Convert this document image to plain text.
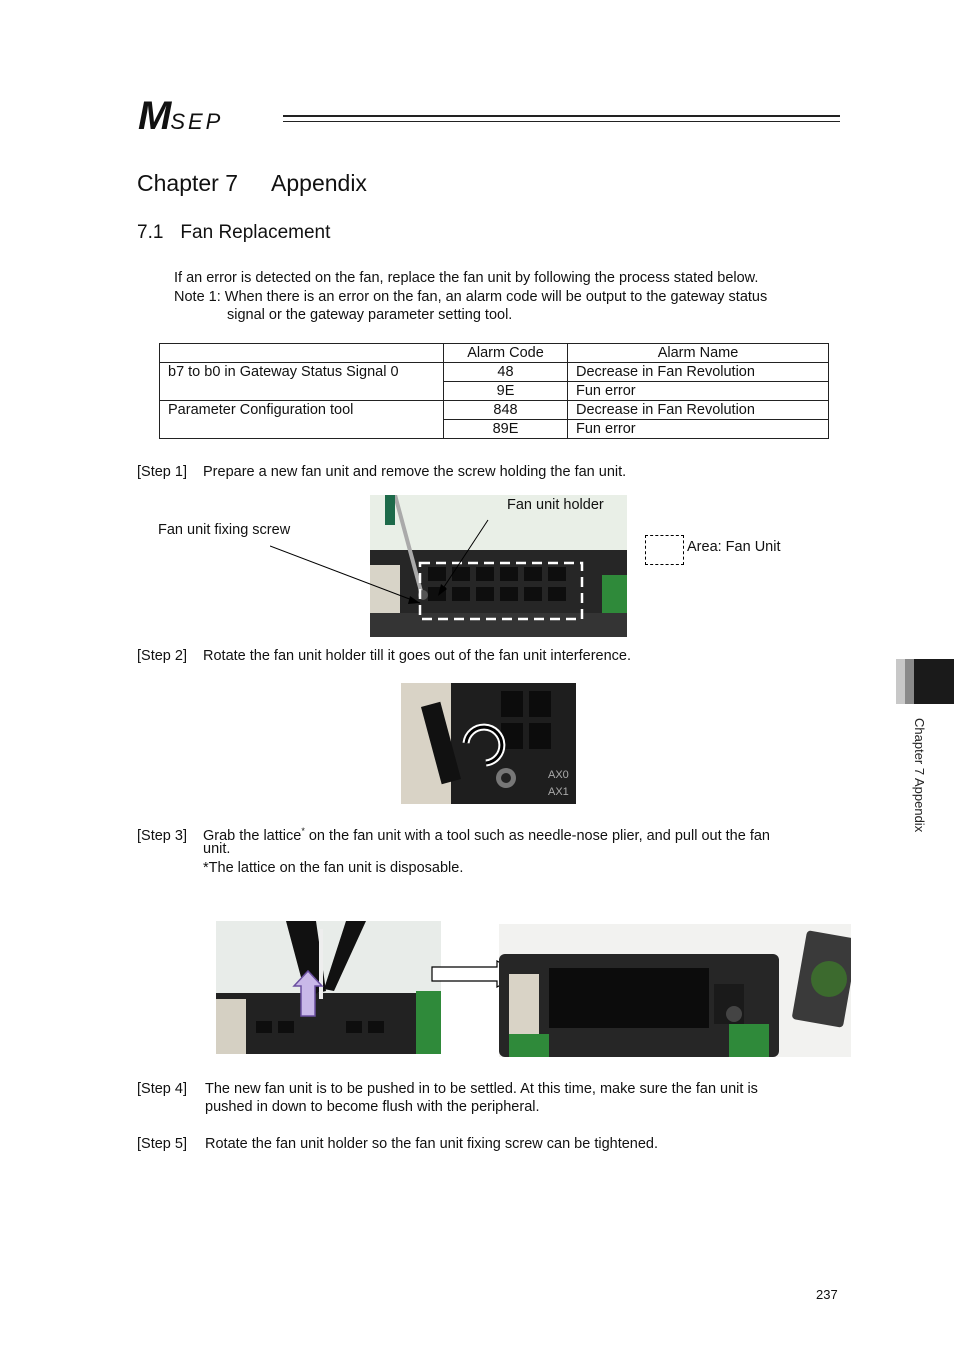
MSEP
Chapter 7 Appendix
7.1 Fan Replacement
If an error is detected on the fan, replace the fan unit by following the process stated below.
Note 1: When there is an error on the fan, an alarm code will be output to the gateway status
signal or the gateway parameter setting tool.
	Alarm Code	Alarm Name
b7 to b0 in Gateway Status Signal 0	48	Decrease in Fan Revolution
	9E	Fun error
Parameter Configuration tool	848	Decrease in Fan Revolution
	89E	Fun error
[Step 1] Prepare a new fan unit and remove the screw holding the fan unit.
Fan unit holder
Fan unit fixing screw
Area: Fan Unit
[Step 2] Rotate the fan unit holder till it goes out of the fan unit interference.
AX0
AX1
[Step 3] Grab the lattice* on the fan unit with a tool such as needle-nose plier, and pull out the fan
unit.
*The lattice on the fan unit is disposable.
[Step 4] The new fan unit is to be pushed in to be settled. At this time, make sure the fan unit is
pushed in down to become flush with the peripheral.
[Step 5] Rotate the fan unit holder so the fan unit fixing screw can be tightened.
Chapter 7 Appendix
237
